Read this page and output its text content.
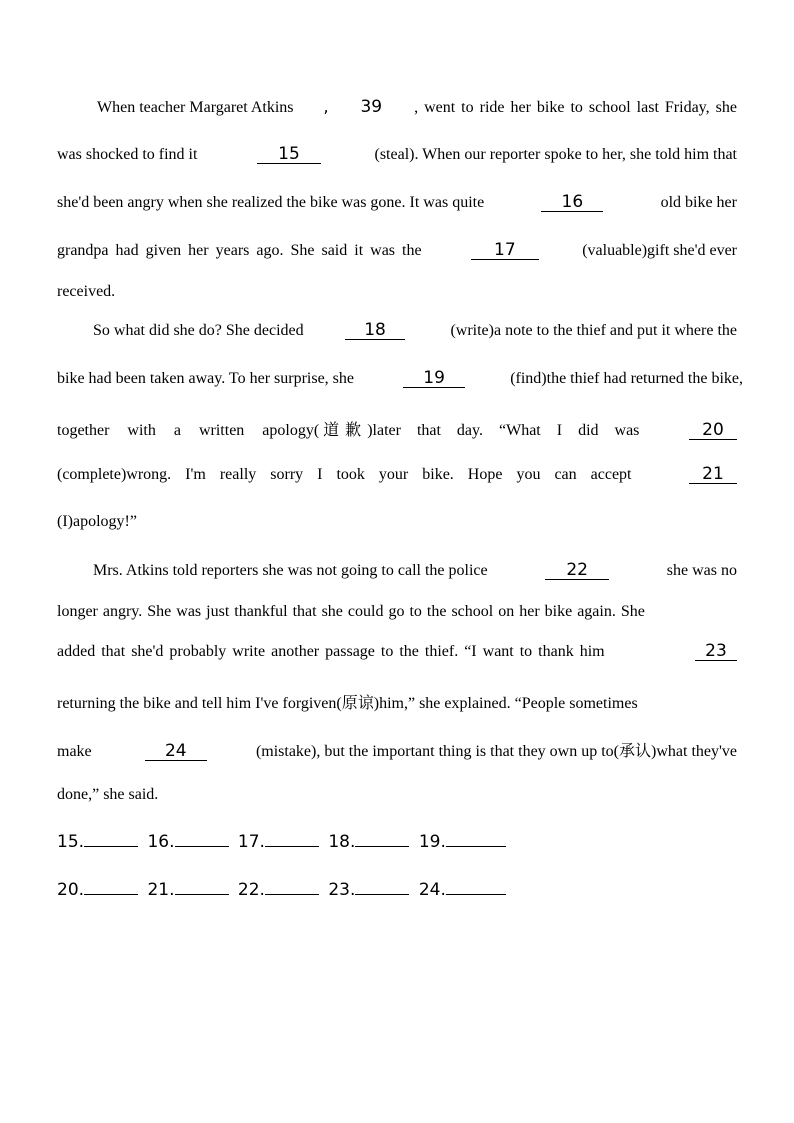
When teacher Margaret Atkins , 39 , went to ride her bike to school last Friday, she
was shocked to find it	15	(steal). When our reporter spoke to her, she told him that
she'd been angry when she realized the bike was gone. It was quite	16	old bike her
grandpa had given her years ago. She said it was the	17	(valuable)gift she'd ever
received.
So what did she do? She decided	18	(write)a note to the thief and put it where the
bike had been taken away. To her surprise, she	19	(find)the thief had returned the bike,
together with a written apology( 道歉)later that day. “What I did was	20
(complete)wrong. I'm really sorry I took your bike. Hope you can accept	21
(I)apology!”
Mrs. Atkins told reporters she was not going to call the police	22	she was no
longer angry. She was just thankful that she could go to the school on her bike again. She
added that she'd probably write another passage to the thief. “I want to thank him	23
returning the bike and tell him I've forgiven(原谅)him,” she explained. “People sometimes
make	24	(mistake), but the important thing is that they own up to(承认)what they've
done,” she said.
15.	16.	17.	18.	19.
20.	21.	22.	23.	24.
